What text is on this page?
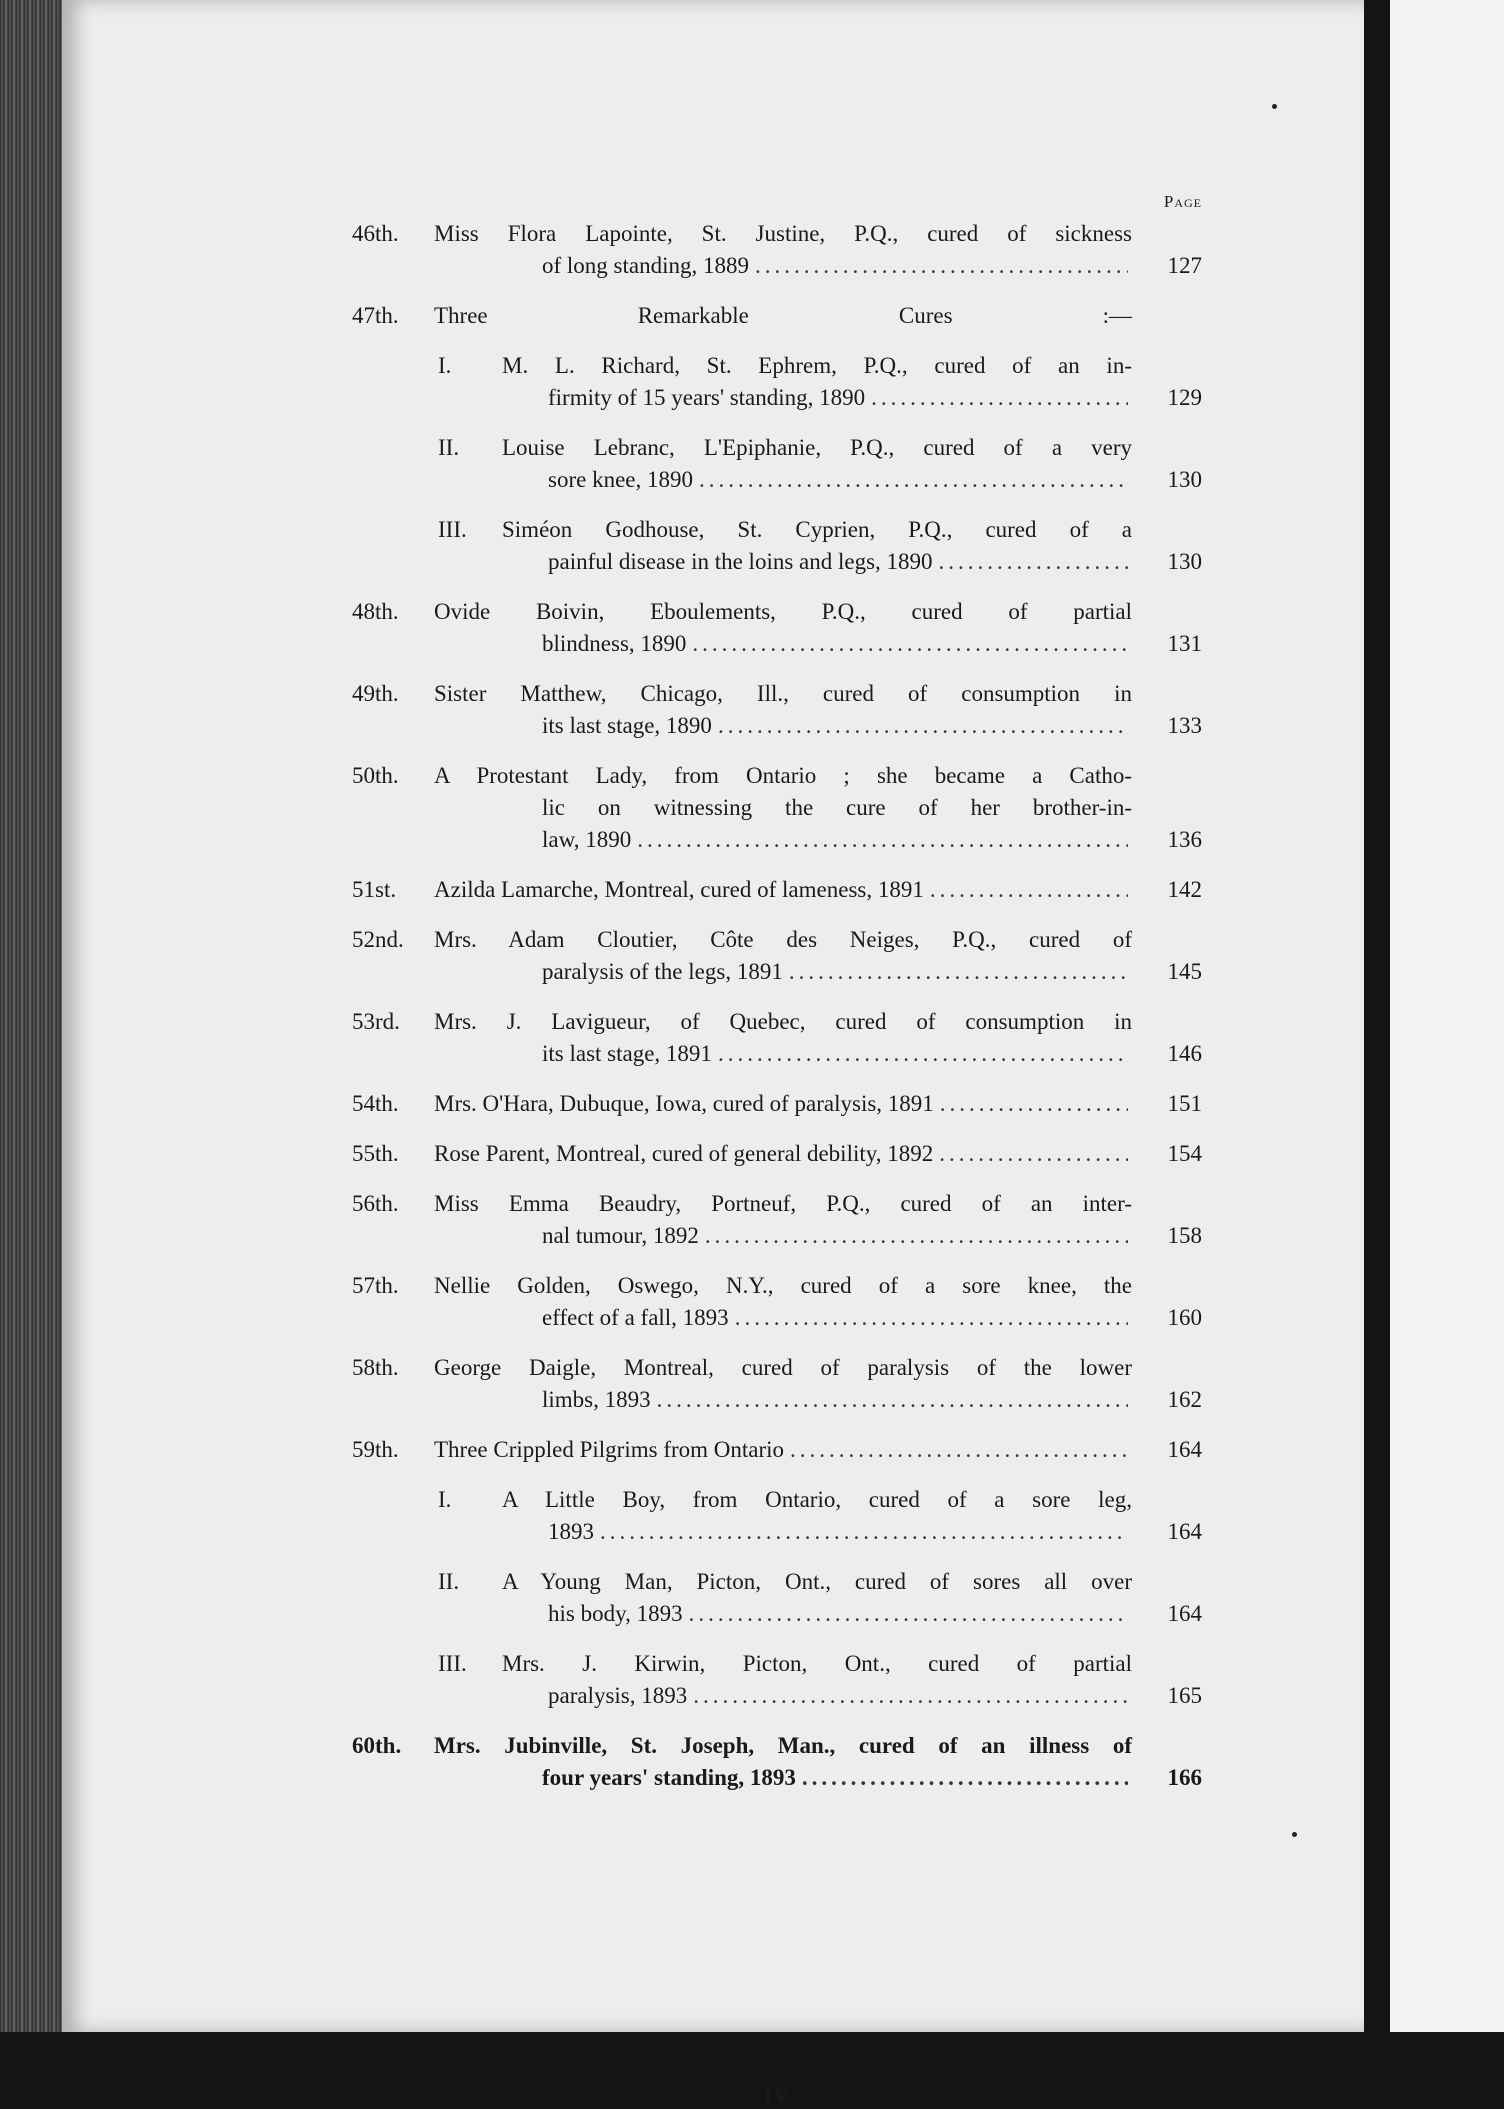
Page
46th.	Miss Flora Lapointe, St. Justine, P.Q., cured of sickness
of long standing, 1889 .....	127
47th.	Three Remarkable Cures :—
I.	M. L. Richard, St. Ephrem, P.Q., cured of an in-
firmity of 15 years' standing, 1890 .....	129
II.	Louise Lebranc, L'Epiphanie, P.Q., cured of a very
sore knee, 1890 .....	130
III.	Siméon Godhouse, St. Cyprien, P.Q., cured of a
painful disease in the loins and legs, 1890 .....	130
48th.	Ovide Boivin, Eboulements, P.Q., cured of partial
blindness, 1890 .....	131
49th.	Sister Matthew, Chicago, Ill., cured of consumption in
its last stage, 1890 .....	133
50th.	A Protestant Lady, from Ontario ; she became a Catho-
lic on witnessing the cure of her brother-in-
law, 1890 .....	136
51st.	Azilda Lamarche, Montreal, cured of lameness, 1891 .....	142
52nd.	Mrs. Adam Cloutier, Côte des Neiges, P.Q., cured of
paralysis of the legs, 1891 .....	145
53rd.	Mrs. J. Lavigueur, of Quebec, cured of consumption in
its last stage, 1891 .....	146
54th.	Mrs. O'Hara, Dubuque, Iowa, cured of paralysis, 1891 .....	151
55th.	Rose Parent, Montreal, cured of general debility, 1892 .....	154
56th.	Miss Emma Beaudry, Portneuf, P.Q., cured of an inter-
nal tumour, 1892 .....	158
57th.	Nellie Golden, Oswego, N.Y., cured of a sore knee, the
effect of a fall, 1893 .....	160
58th.	George Daigle, Montreal, cured of paralysis of the lower
limbs, 1893 .....	162
59th.	Three Crippled Pilgrims from Ontario .....	164
I.	A Little Boy, from Ontario, cured of a sore leg,
1893 .....	164
II.	A Young Man, Picton, Ont., cured of sores all over
his body, 1893 .....	164
III.	Mrs. J. Kirwin, Picton, Ont., cured of partial
paralysis, 1893 .....	165
60th.	Mrs. Jubinville, St. Joseph, Man., cured of an illness of
four years' standing, 1893 .....	166
IV
